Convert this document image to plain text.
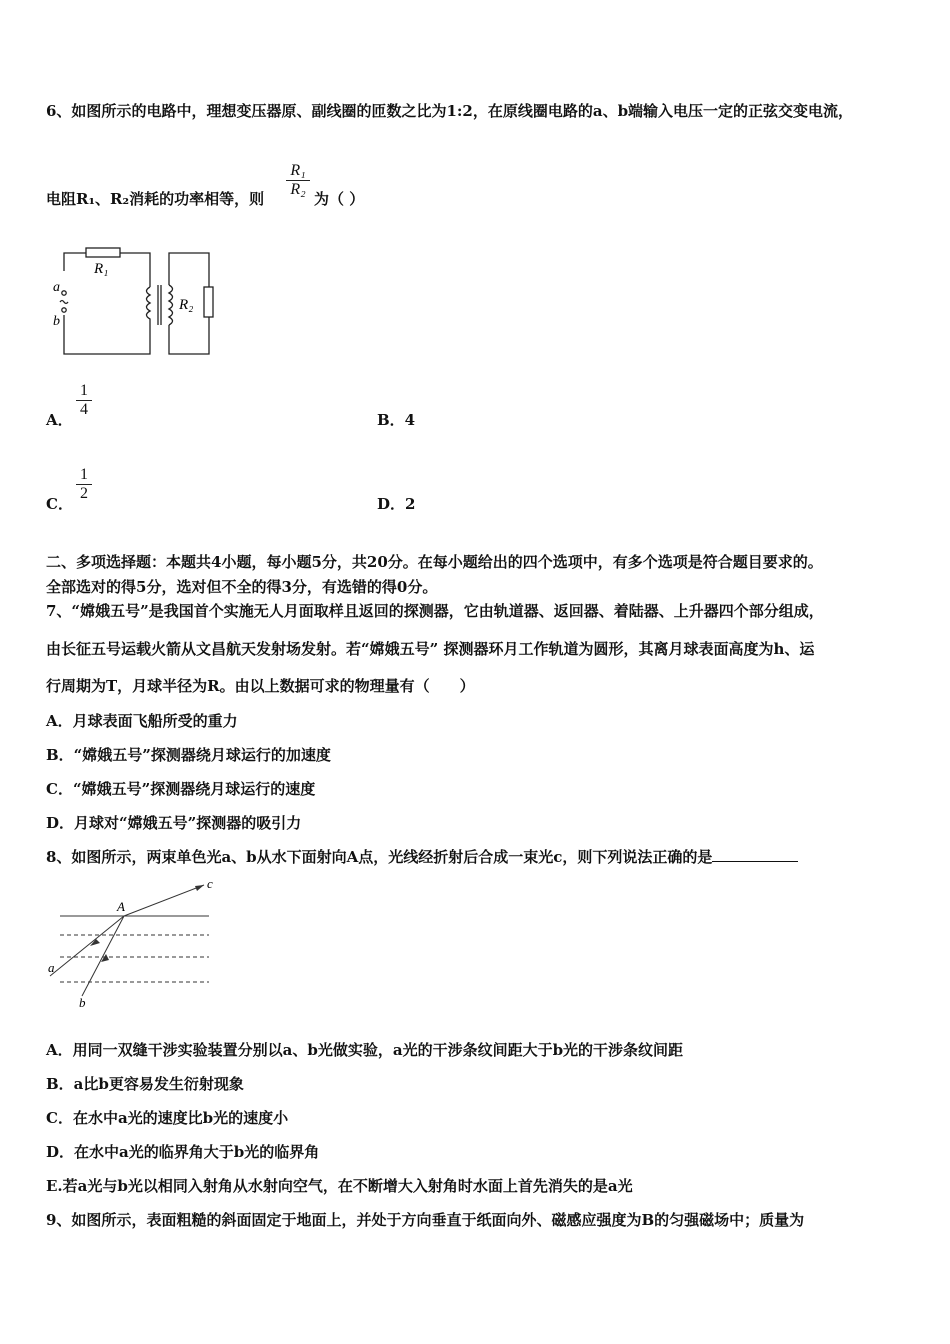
6、如图所示的电路中，理想变压器原、副线圈的匝数之比为1:2，在原线圈电路的a、b端输入电压一定的正弦交变电流，
电阻R₁、R₂消耗的功率相等，则
R₁
R₂
为（ ）
a
b
R₁
R₂
A．
1
4
B．4
C．
1
2
D．2
二、多项选择题：本题共4小题，每小题5分，共20分。在每小题给出的四个选项中，有多个选项是符合题目要求的。
全部选对的得5分，选对但不全的得3分，有选错的得0分。
7、“嫦娥五号”是我国首个实施无人月面取样且返回的探测器，它由轨道器、返回器、着陆器、上升器四个部分组成，
由长征五号运载火箭从文昌航天发射场发射。若“嫦娥五号” 探测器环月工作轨道为圆形，其离月球表面高度为h、运
行周期为T，月球半径为R。由以上数据可求的物理量有（　　）
A．月球表面飞船所受的重力
B．“嫦娥五号”探测器绕月球运行的加速度
C．“嫦娥五号”探测器绕月球运行的速度
D．月球对“嫦娥五号”探测器的吸引力
8、如图所示，两束单色光a、b从水下面射向A点，光线经折射后合成一束光c，则下列说法正确的是
A
a
b
c
A．用同一双缝干涉实验装置分别以a、b光做实验，a光的干涉条纹间距大于b光的干涉条纹间距
B．a比b更容易发生衍射现象
C．在水中a光的速度比b光的速度小
D．在水中a光的临界角大于b光的临界角
E.若a光与b光以相同入射角从水射向空气，在不断增大入射角时水面上首先消失的是a光
9、如图所示，表面粗糙的斜面固定于地面上，并处于方向垂直于纸面向外、磁感应强度为B的匀强磁场中；质量为
